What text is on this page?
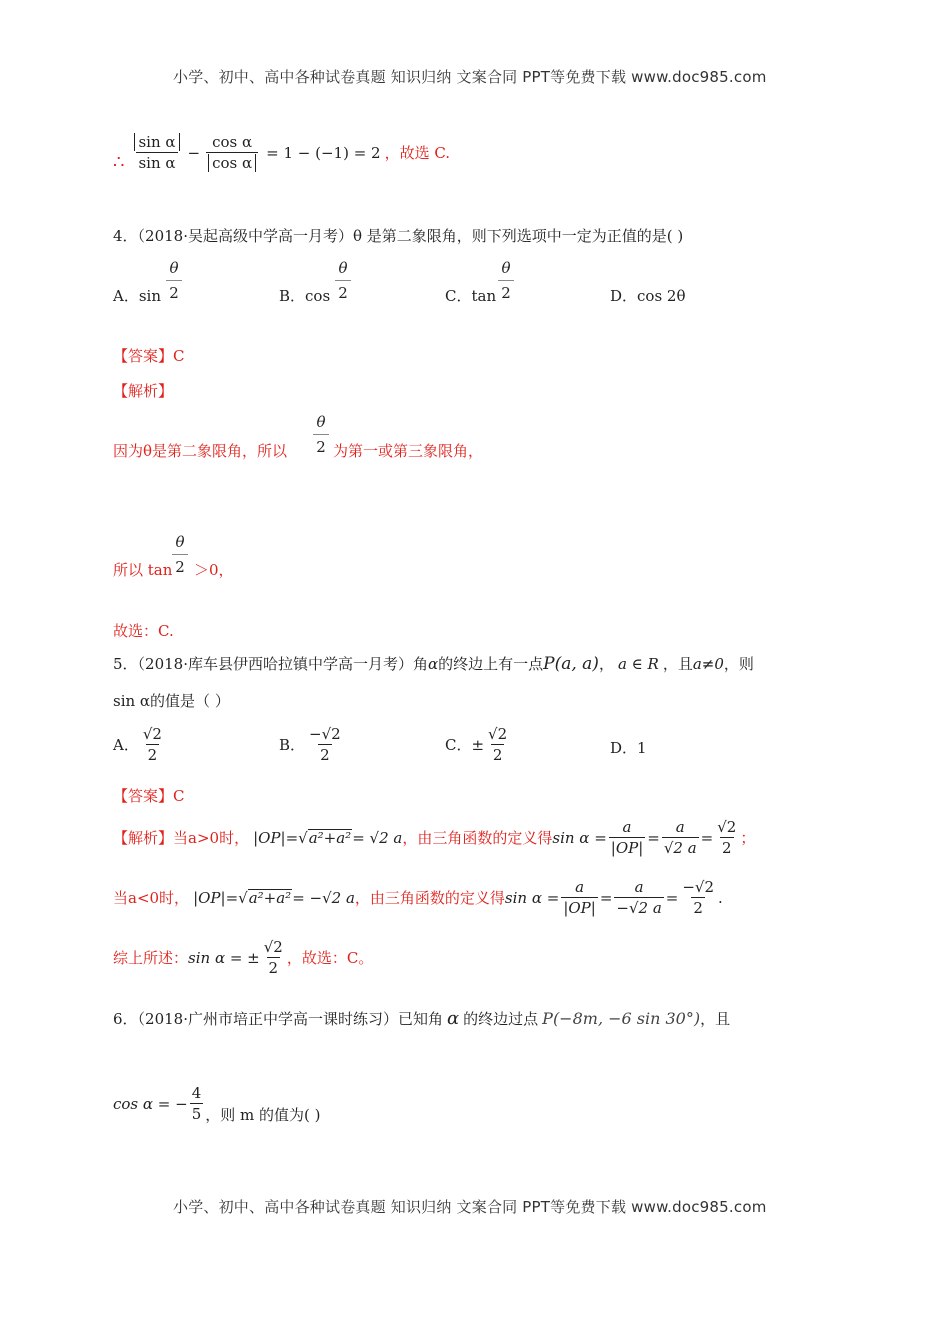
小学、初中、高中各种试卷真题 知识归纳 文案合同 PPT等免费下载 www.doc985.com
∴ $\frac{\text{sin α}}{\text{sin α}} - \frac{\text{cos α}}{\text{cos α}} = 1 - (-1) = 2$ ，故选 C.
4．（2018·吴起高级中学高一月考）θ 是第二象限角，则下列选项中一定为正值的是( )
A．sin
θ
2	B．cos
θ
2	C．tan
θ
2	D．cos 2θ
【答案】C
【解析】
因为θ是第二象限角，所以
θ
2 为第一或第三象限角，
所以 tan
θ
2 ＞0，
故选：C.
5．（2018·库车县伊西哈拉镇中学高一月考）角 α 的终边上有一点 P(a, a) ， a ∈ R ，且 a≠0 ，则
sin α的值是（ ）
A． $\frac{√2}{2}$	B． $\frac{-√2}{2}$	C．± $\frac{√2}{2}$	D．1
【答案】C
【解析】 当a>0时， |OP| =√ a²+a² = √2 a ，由三角函数的定义得 $\sin \alpha = \frac{a}{|OP|} = \frac{a}{√2 a} = \frac{√2}{2}$ ；
当a<0时， |OP| =√ a²+a² = −√2 a ，由三角函数的定义得 $\sin \alpha = \frac{a}{|OP|} = \frac{a}{-√2 a} = \frac{-√2}{2}$ .
综上所述： sin α = ± $\frac{√2}{2}$ ，故选：C。
6．（2018·广州市培正中学高一课时练习）已知角 α 的终边过点 P(−8m, −6 sin 30°) ，且
cos α = − $\frac{4}{5}$ ，则 m 的值为( )
小学、初中、高中各种试卷真题 知识归纳 文案合同 PPT等免费下载 www.doc985.com
